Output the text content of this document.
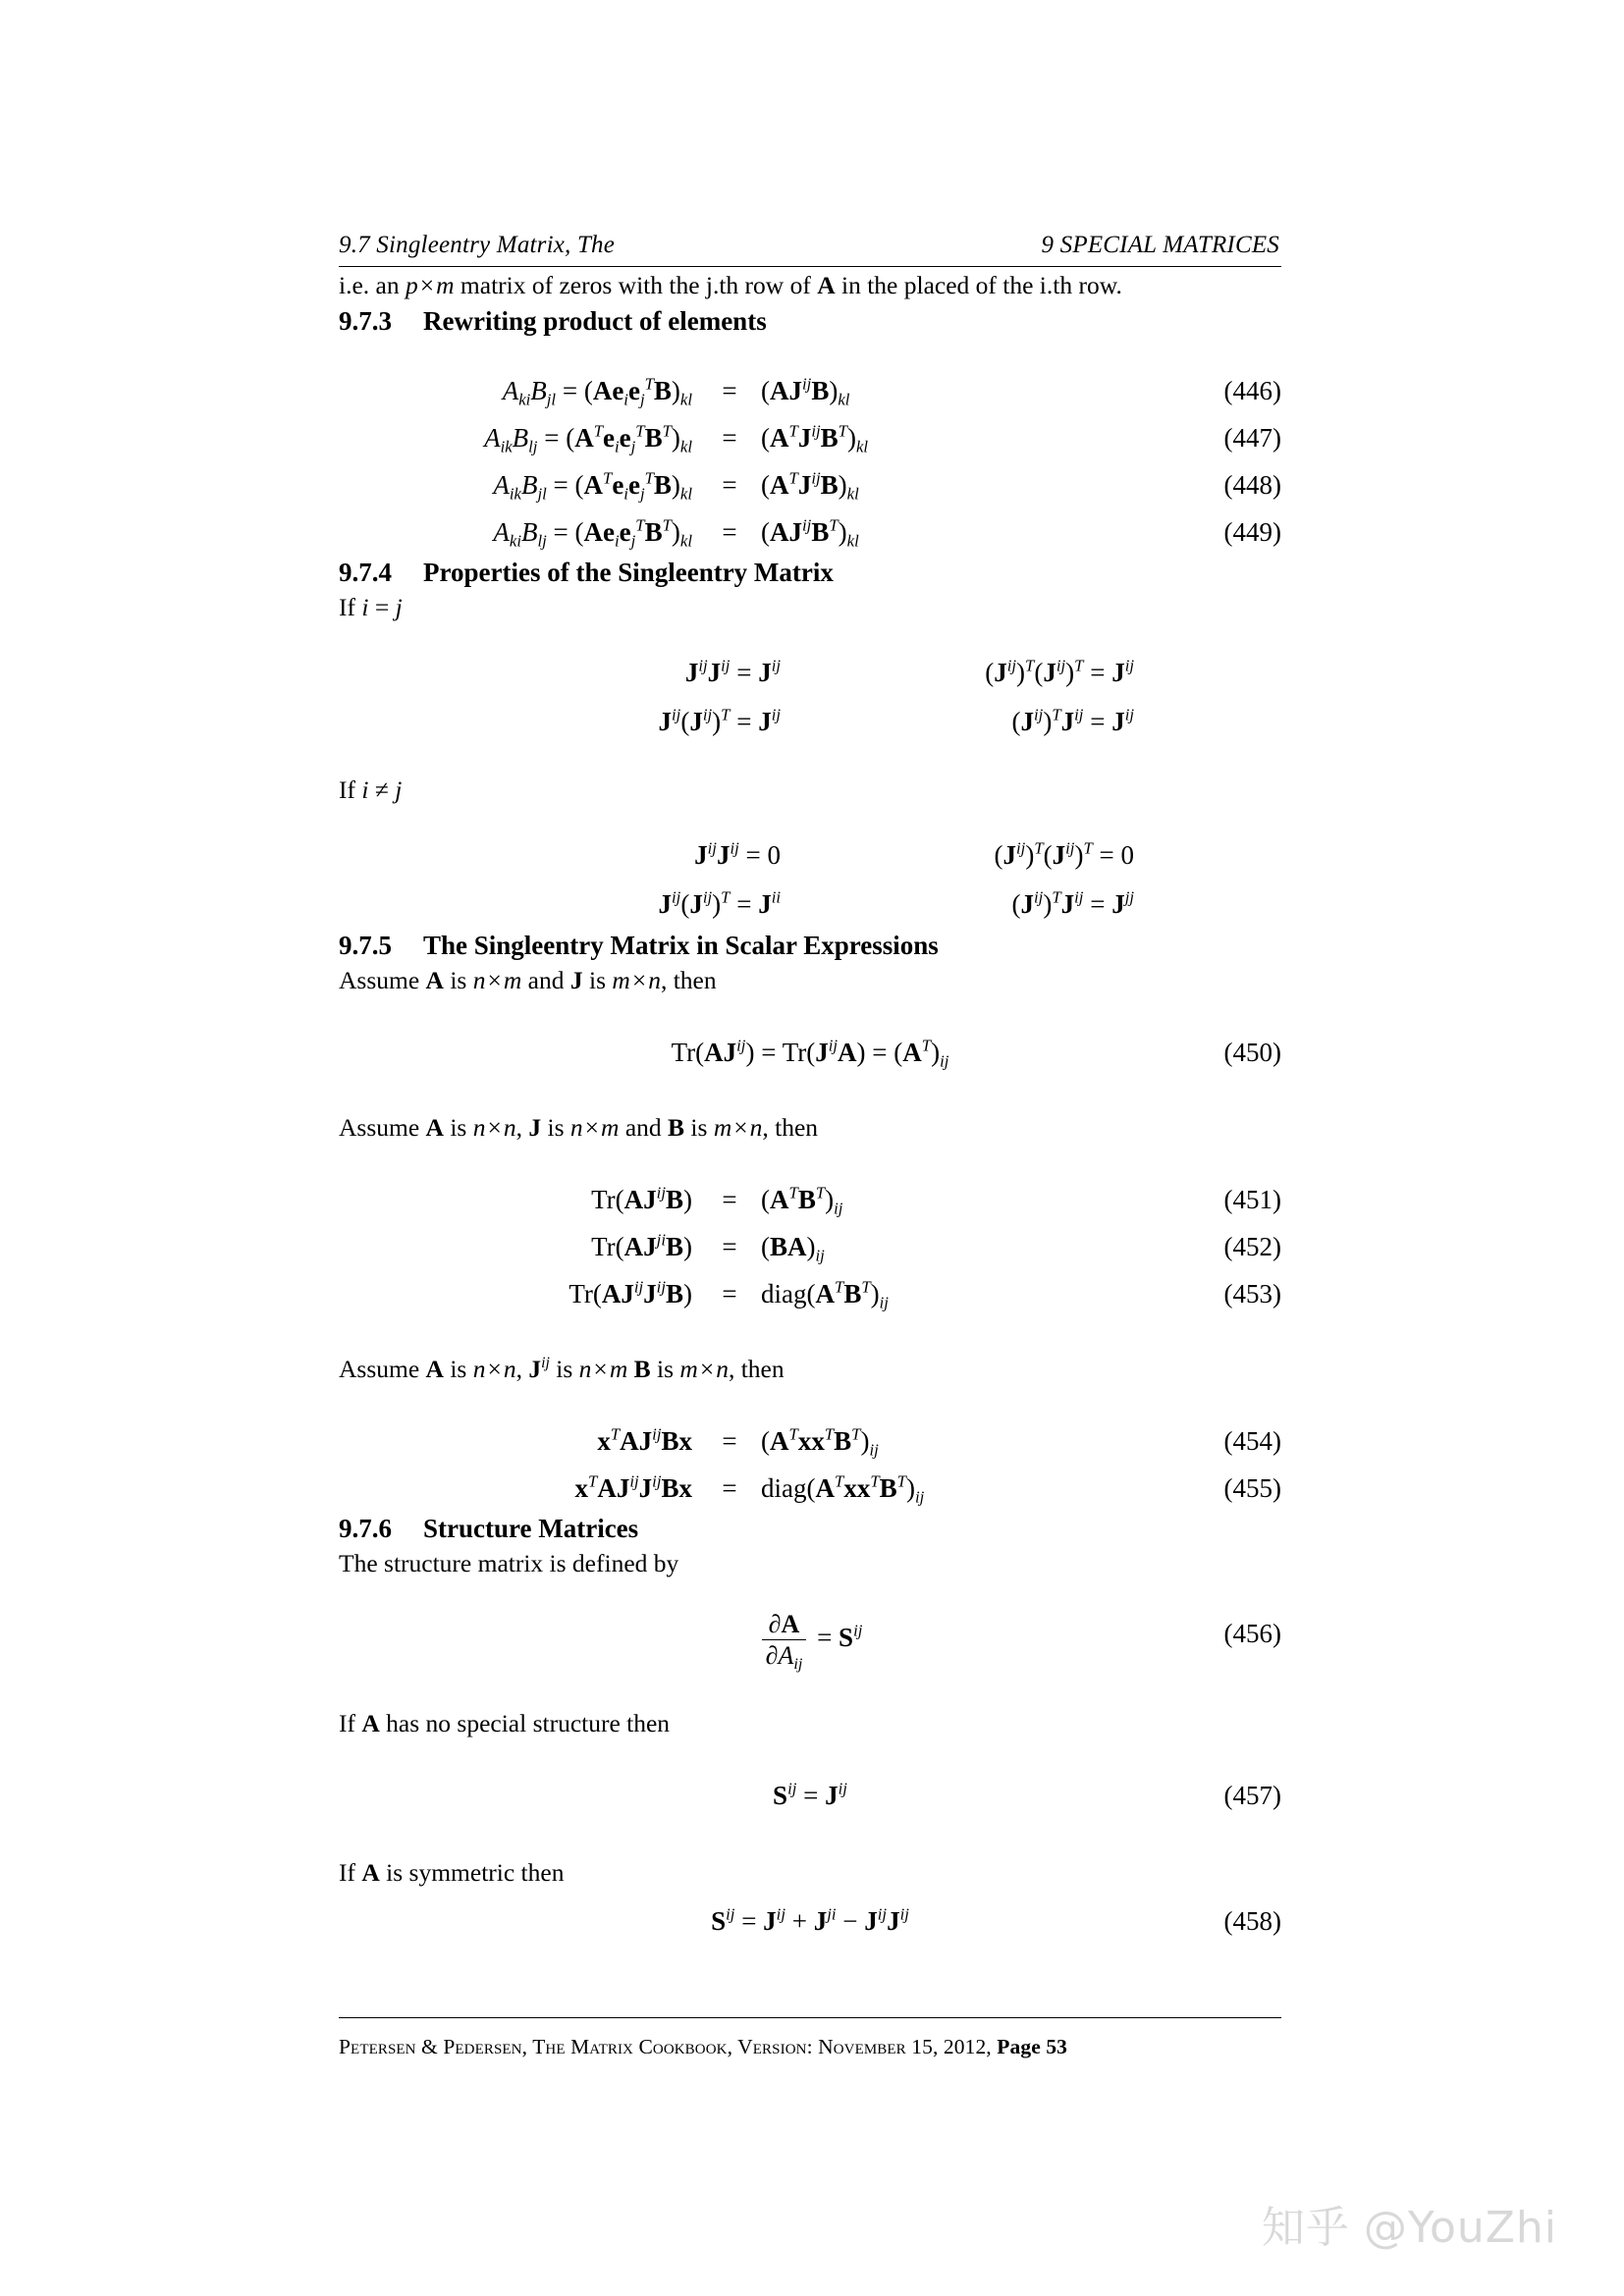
9.7 Singleentry Matrix, The	9 SPECIAL MATRICES

i.e. an p×m matrix of zeros with the j.th row of A in the placed of the i.th row.

9.7.3 Rewriting product of elements
$A_{ki}B_{jl} = (Ae_ie_j^TB)_{kl}$	= $(AJ^{ij}B)_{kl}$	(446)
$A_{ik}B_{lj} = (A^Te_ie_j^TB^T)_{kl}$	= $(A^TJ^{ij}B^T)_{kl}$	(447)
$A_{ik}B_{jl} = (A^Te_ie_j^TB)_{kl}$	= $(A^TJ^{ij}B)_{kl}$	(448)
$A_{ki}B_{lj} = (Ae_ie_j^TB^T)_{kl}$	= $(AJ^{ij}B^T)_{kl}$	(449)
9.7.4 Properties of the Singleentry Matrix

If i = j

$J^{ij}J^{ij} = J^{ij}$	$(J^{ij})^T(J^{ij})^T = J^{ij}$
$J^{ij}(J^{ij})^T = J^{ij}$	$(J^{ij})^TJ^{ij} = J^{ij}$

If i ≠ j

$J^{ij}J^{ij} = 0$	$(J^{ij})^T(J^{ij})^T = 0$
$J^{ij}(J^{ij})^T = J^{ii}$	$(J^{ij})^TJ^{ij} = J^{jj}$
9.7.5 The Singleentry Matrix in Scalar Expressions

Assume A is n×m and J is m×n, then

$Tr(AJ^{ij}) = Tr(J^{ij}A) = (A^T)_{ij}$	(450)

Assume A is n×n, J is n×m and B is m×n, then

$Tr(AJ^{ij}B)$	= $(A^TB^T)_{ij}$	(451)
$Tr(AJ^{ji}B)$	= $(BA)_{ij}$	(452)
$Tr(AJ^{ij}J^{ij}B)$	= $diag(A^TB^T)_{ij}$	(453)

Assume A is n×n, $J^{ij}$ is n×m B is m×n, then

$x^TAJ^{ij}Bx$	= $(A^Txx^TB^T)_{ij}$	(454)
$x^TAJ^{ij}J^{ij}Bx$	= $diag(A^Txx^TB^T)_{ij}$	(455)
9.7.6 Structure Matrices

The structure matrix is defined by

$\frac{\partial A}{\partial A_{ij}} = S^{ij}$	(456)

If A has no special structure then

$S^{ij} = J^{ij}$	(457)

If A is symmetric then

$S^{ij} = J^{ij} + J^{ji} - J^{ij}J^{ij}$	(458)
Petersen & Pedersen, The Matrix Cookbook, Version: November 15, 2012, Page 53
知乎 @YouZhi
